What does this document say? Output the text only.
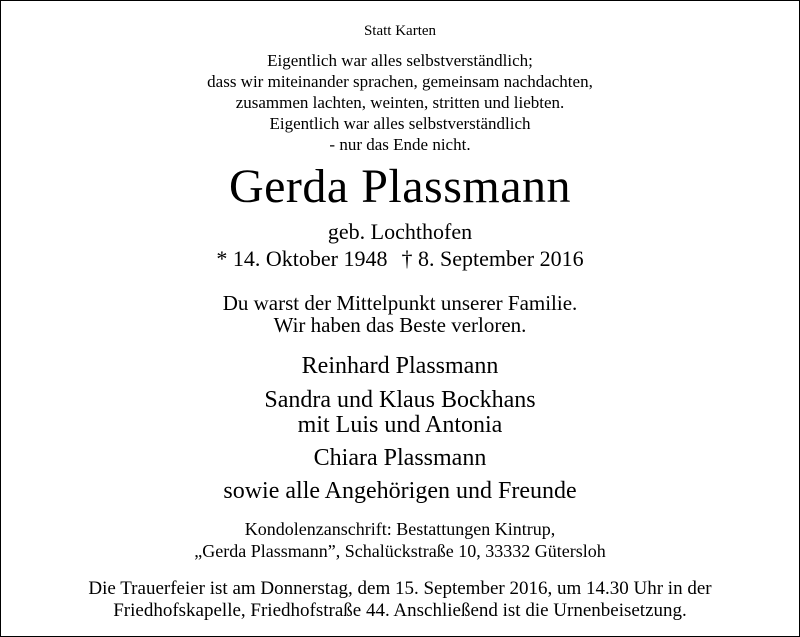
Statt Karten
Eigentlich war alles selbstverständlich;
dass wir miteinander sprachen, gemeinsam nachdachten,
zusammen lachten, weinten, stritten und liebten.
Eigentlich war alles selbstverständlich
- nur das Ende nicht.
Gerda Plassmann
geb. Lochthofen
* 14. Oktober 1948 † 8. September 2016
Du warst der Mittelpunkt unserer Familie.
Wir haben das Beste verloren.
Reinhard Plassmann
Sandra und Klaus Bockhans
mit Luis und Antonia
Chiara Plassmann
sowie alle Angehörigen und Freunde
Kondolenzanschrift: Bestattungen Kintrup,
„Gerda Plassmann”, Schalückstraße 10, 33332 Gütersloh
Die Trauerfeier ist am Donnerstag, dem 15. September 2016, um 14.30 Uhr in der
Friedhofskapelle, Friedhofstraße 44. Anschließend ist die Urnenbeisetzung.
